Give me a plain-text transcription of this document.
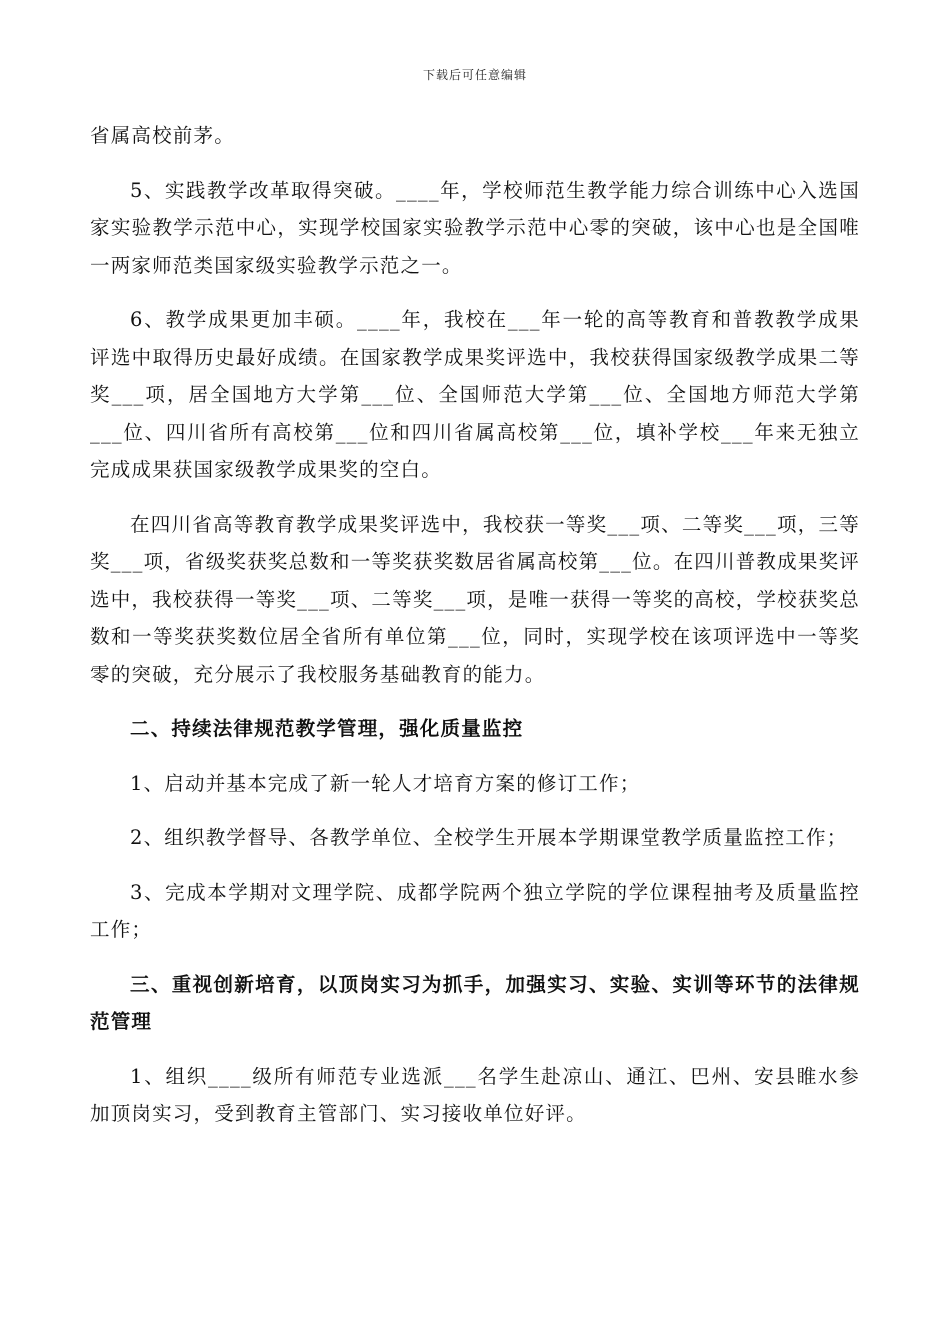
下载后可任意编辑

省属高校前茅。

5、实践教学改革取得突破。____年，学校师范生教学能力综合训练中心入选国家实验教学示范中心，实现学校国家实验教学示范中心零的突破，该中心也是全国唯一两家师范类国家级实验教学示范之一。

6、教学成果更加丰硕。____年，我校在___年一轮的高等教育和普教教学成果评选中取得历史最好成绩。在国家教学成果奖评选中，我校获得国家级教学成果二等奖___项，居全国地方大学第___位、全国师范大学第___位、全国地方师范大学第___位、四川省所有高校第___位和四川省属高校第___位，填补学校___年来无独立完成成果获国家级教学成果奖的空白。

在四川省高等教育教学成果奖评选中，我校获一等奖___项、二等奖___项，三等奖___项，省级奖获奖总数和一等奖获奖数居省属高校第___位。在四川普教成果奖评选中，我校获得一等奖___项、二等奖___项，是唯一获得一等奖的高校，学校获奖总数和一等奖获奖数位居全省所有单位第___位，同时，实现学校在该项评选中一等奖零的突破，充分展示了我校服务基础教育的能力。

二、持续法律规范教学管理，强化质量监控

1、启动并基本完成了新一轮人才培育方案的修订工作；

2、组织教学督导、各教学单位、全校学生开展本学期课堂教学质量监控工作；

3、完成本学期对文理学院、成都学院两个独立学院的学位课程抽考及质量监控工作；

三、重视创新培育，以顶岗实习为抓手，加强实习、实验、实训等环节的法律规范管理

1、组织____级所有师范专业选派___名学生赴凉山、通江、巴州、安县睢水参加顶岗实习，受到教育主管部门、实习接收单位好评。
